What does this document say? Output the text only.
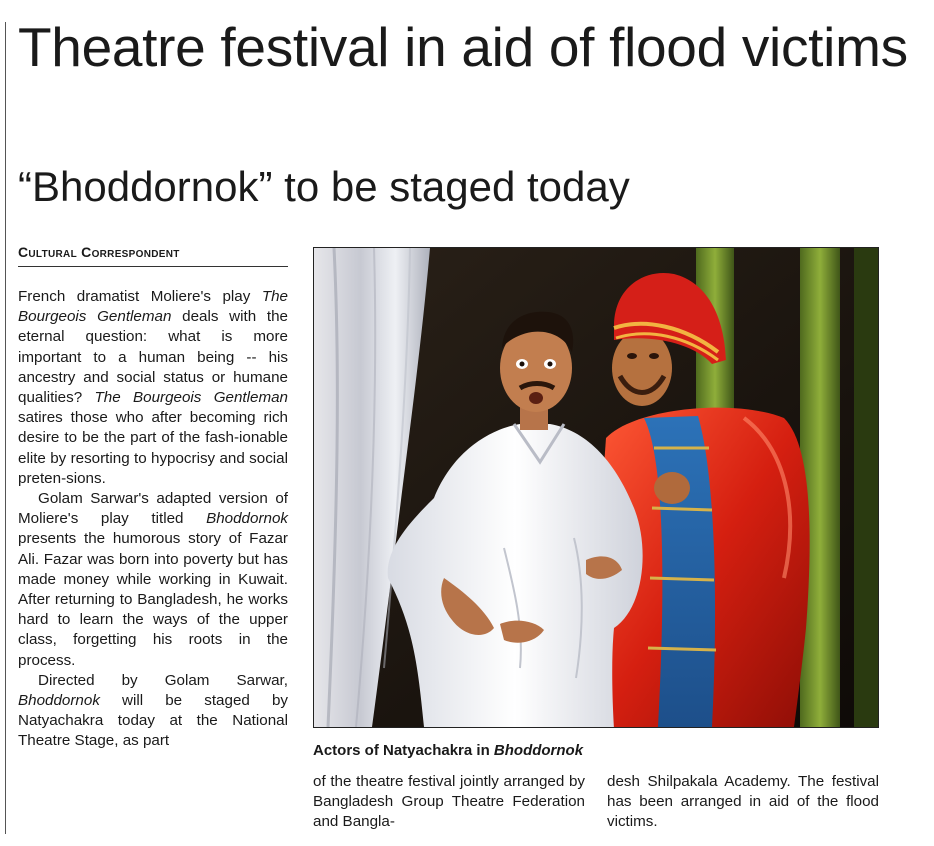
Theatre festival in aid of flood victims
“Bhoddornok” to be staged today
Cultural Correspondent

French dramatist Moliere's play The Bourgeois Gentleman deals with the eternal question: what is more important to a human being -- his ancestry and social status or humane qualities? The Bourgeois Gentleman satires those who after becoming rich desire to be the part of the fash-ionable elite by resorting to hypocrisy and social preten-sions.

Golam Sarwar's adapted version of Moliere's play titled Bhoddornok presents the humorous story of Fazar Ali. Fazar was born into poverty but has made money while working in Kuwait. After returning to Bangladesh, he works hard to learn the ways of the upper class, forgetting his roots in the process.

Directed by Golam Sarwar, Bhoddornok will be staged by Natyachakra today at the National Theatre Stage, as part

Actors of Natyachakra in Bhoddornok

of the theatre festival jointly arranged by Bangladesh Group Theatre Federation and Bangla-

desh Shilpakala Academy. The festival has been arranged in aid of the flood victims.
